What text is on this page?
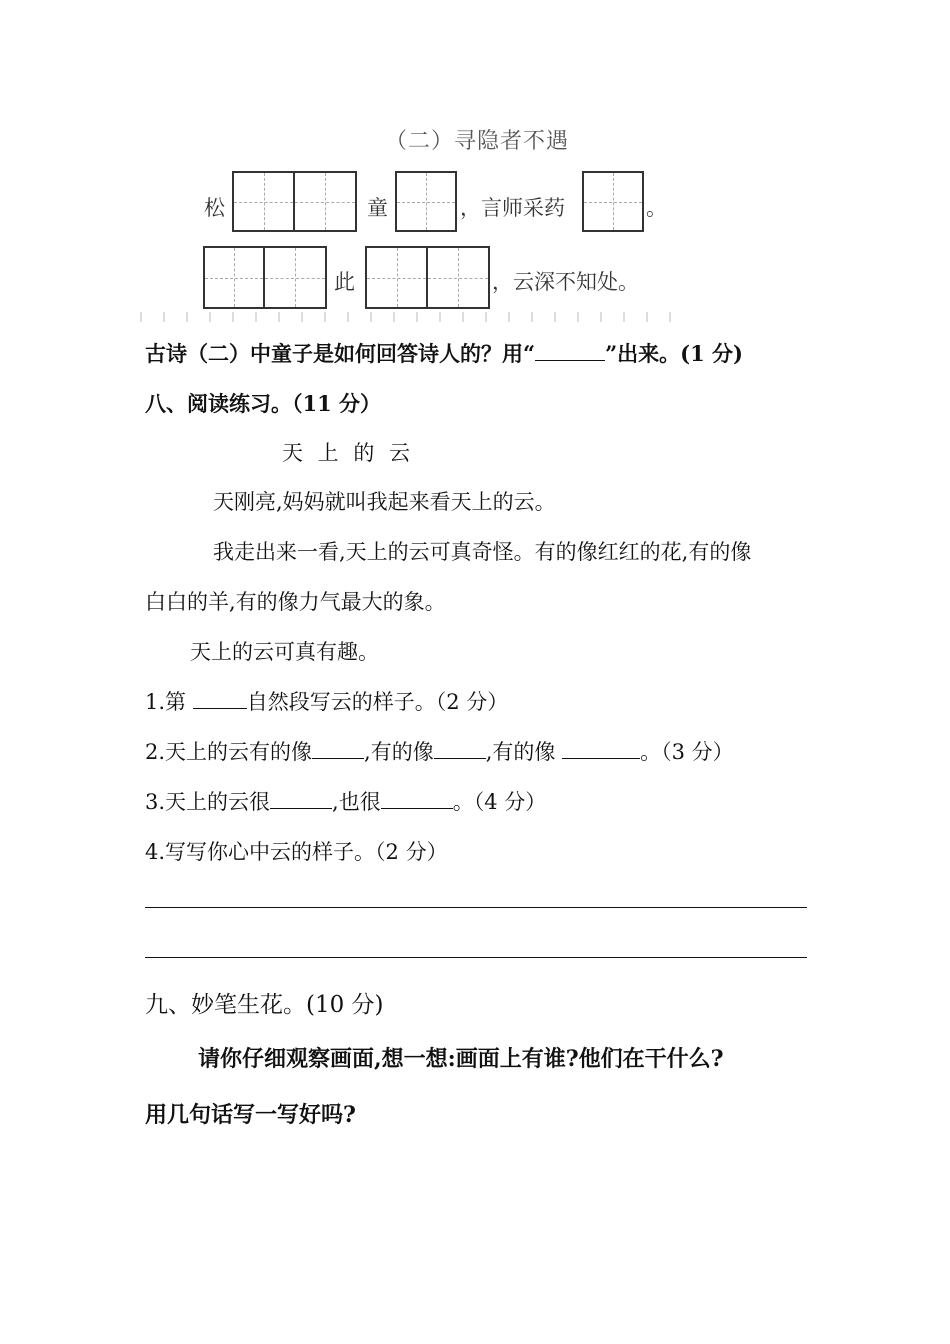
（二）寻隐者不遇
松	童	，言师采药	。
此	，云深不知处。
古诗（二）中童子是如何回答诗人的？用“	”出来。(1 分)
八、阅读练习。（11 分）
天 上 的 云
天刚亮,妈妈就叫我起来看天上的云。
我走出来一看,天上的云可真奇怪。有的像红红的花,有的像
白白的羊,有的像力气最大的象。
天上的云可真有趣。
1.第	自然段写云的样子。（2 分）
2.天上的云有的像 ,有的像 ,有的像	。（3 分）
3.天上的云很	,也很	。（4 分）
4.写写你心中云的样子。（2 分）
九、妙笔生花。(10 分)
请你仔细观察画面,想一想:画面上有谁?他们在干什么?
用几句话写一写好吗?
